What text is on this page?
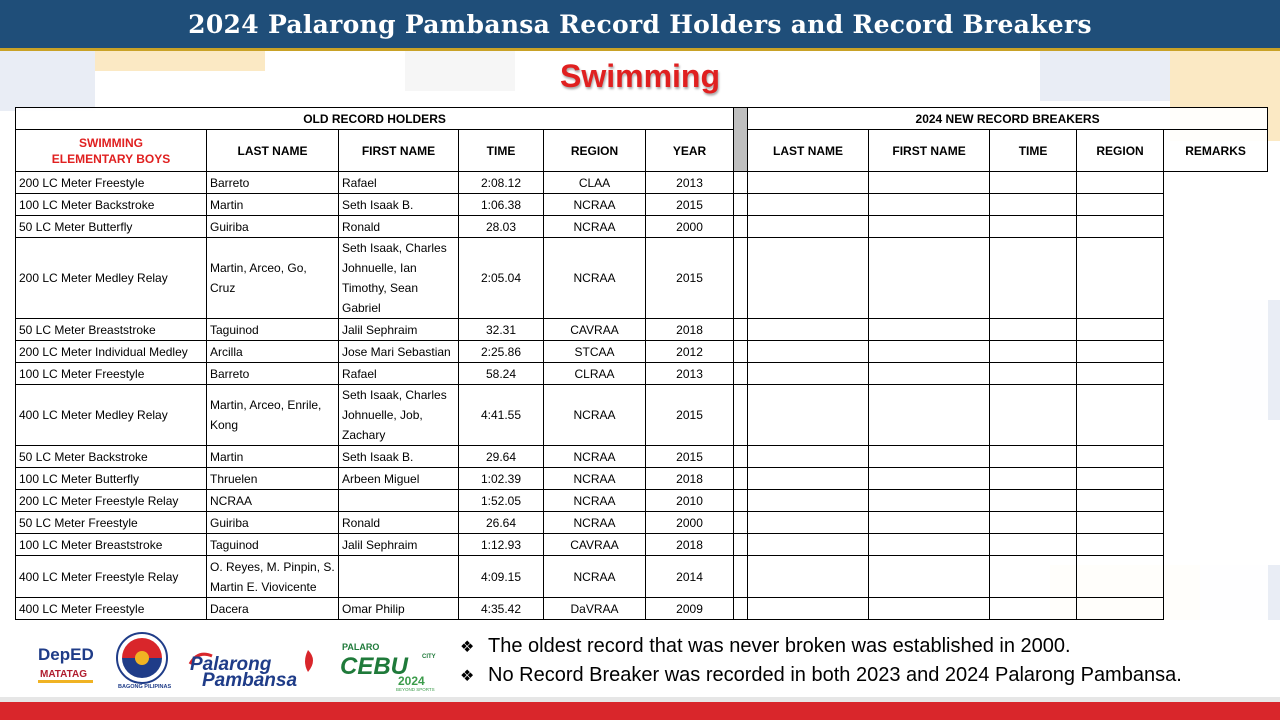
2024 Palarong Pambansa Record Holders and Record Breakers
Swimming
OLD RECORD HOLDERS							2024 NEW RECORD BREAKERS				
SWIMMING
ELEMENTARY BOYS	LAST NAME	FIRST NAME	TIME	REGION	YEAR		LAST NAME	FIRST NAME	TIME	REGION	REMARKS
200 LC Meter Freestyle	Barreto	Rafael	2:08.12	CLAA	2013						
100 LC Meter Backstroke	Martin	Seth Isaak B.	1:06.38	NCRAA	2015						
50 LC Meter Butterfly	Guiriba	Ronald	28.03	NCRAA	2000						
200 LC Meter Medley Relay	Martin, Arceo, Go, Cruz	Seth Isaak, Charles Johnuelle, Ian Timothy, Sean Gabriel	2:05.04	NCRAA	2015						
50 LC Meter Breaststroke	Taguinod	Jalil Sephraim	32.31	CAVRAA	2018						
200 LC Meter Individual Medley	Arcilla	Jose Mari Sebastian	2:25.86	STCAA	2012						
100 LC Meter Freestyle	Barreto	Rafael	58.24	CLRAA	2013						
400 LC Meter Medley Relay	Martin, Arceo, Enrile, Kong	Seth Isaak, Charles Johnuelle, Job, Zachary	4:41.55	NCRAA	2015						
50 LC Meter Backstroke	Martin	Seth Isaak B.	29.64	NCRAA	2015						
100 LC Meter Butterfly	Thruelen	Arbeen Miguel	1:02.39	NCRAA	2018						
200 LC Meter Freestyle Relay	NCRAA		1:52.05	NCRAA	2010						
50 LC Meter Freestyle	Guiriba	Ronald	26.64	NCRAA	2000						
100 LC Meter Breaststroke	Taguinod	Jalil Sephraim	1:12.93	CAVRAA	2018						
400 LC Meter Freestyle Relay	O. Reyes, M. Pinpin, S. Martin E. Viovicente		4:09.15	NCRAA	2014						
400 LC Meter Freestyle	Dacera	Omar Philip	4:35.42	DaVRAA	2009						
DepED
MATATAG
BAGONG PILIPINAS
Palarong
Pambansa
PALARO
CEBU CITY
2024
BEYOND SPORTS
❖ The oldest record that was never broken was established in 2000.
❖ No Record Breaker was recorded in both 2023 and 2024 Palarong Pambansa.
